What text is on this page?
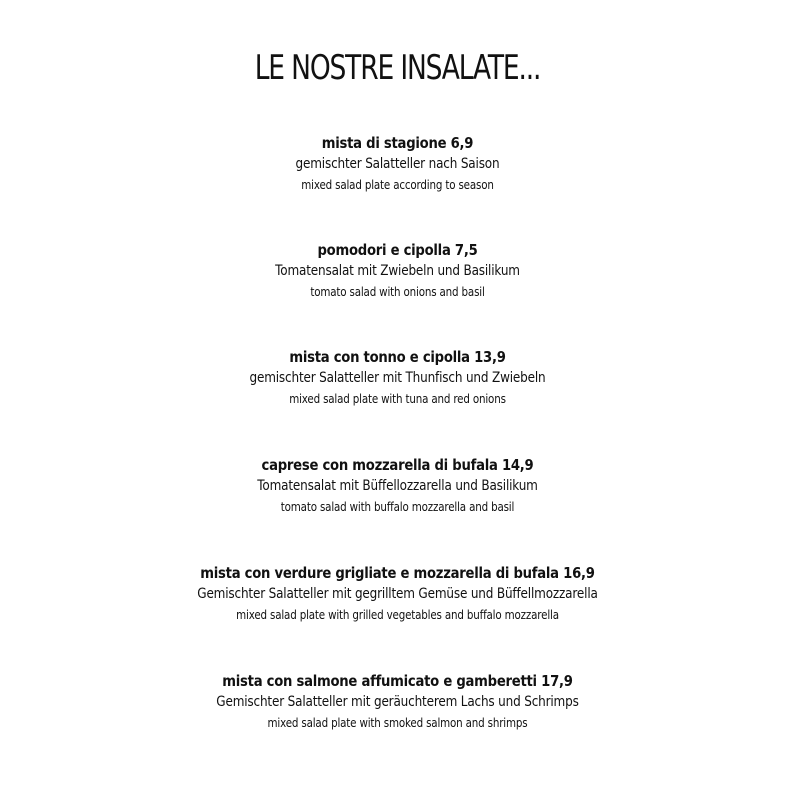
LE NOSTRE INSALATE...
mista di stagione 6,9
gemischter Salatteller nach Saison
mixed salad plate according to season
pomodori e cipolla 7,5
Tomatensalat mit Zwiebeln und Basilikum
tomato salad with onions and basil
mista con tonno e cipolla 13,9
gemischter Salatteller mit Thunfisch und Zwiebeln
mixed salad plate with tuna and red onions
caprese con mozzarella di bufala 14,9
Tomatensalat mit Büffellozzarella und Basilikum
tomato salad with buffalo mozzarella and basil
mista con verdure grigliate e mozzarella di bufala 16,9
Gemischter Salatteller mit gegrilltem Gemüse und Büffellmozzarella
mixed salad plate with grilled vegetables and buffalo mozzarella
mista con salmone affumicato e gamberetti 17,9
Gemischter Salatteller mit geräuchterem Lachs und Schrimps
mixed salad plate with smoked salmon and shrimps
